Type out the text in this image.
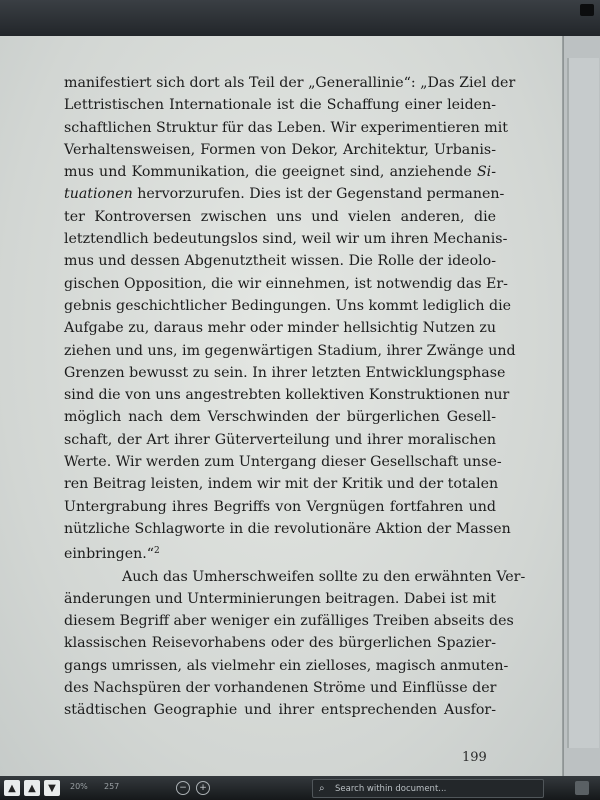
manifestiert sich dort als Teil der „Generallinie“: „Das Ziel der
Lettristischen Internationale ist die Schaffung einer leiden-
schaftlichen Struktur für das Leben. Wir experimentieren mit
Verhaltensweisen, Formen von Dekor, Architektur, Urbanis-
mus und Kommunikation, die geeignet sind, anziehende Si-
tuationen hervorzurufen. Dies ist der Gegenstand permanen-
ter Kontroversen zwischen uns und vielen anderen, die
letztendlich bedeutungslos sind, weil wir um ihren Mechanis-
mus und dessen Abgenutztheit wissen. Die Rolle der ideolo-
gischen Opposition, die wir einnehmen, ist notwendig das Er-
gebnis geschichtlicher Bedingungen. Uns kommt lediglich die
Aufgabe zu, daraus mehr oder minder hellsichtig Nutzen zu
ziehen und uns, im gegenwärtigen Stadium, ihrer Zwänge und
Grenzen bewusst zu sein. In ihrer letzten Entwicklungsphase
sind die von uns angestrebten kollektiven Konstruktionen nur
möglich nach dem Verschwinden der bürgerlichen Gesell-
schaft, der Art ihrer Güterverteilung und ihrer moralischen
Werte. Wir werden zum Untergang dieser Gesellschaft unse-
ren Beitrag leisten, indem wir mit der Kritik und der totalen
Untergrabung ihres Begriffs von Vergnügen fortfahren und
nützliche Schlagworte in die revolutionäre Aktion der Massen
einbringen.“$^2$
Auch das Umherschweifen sollte zu den erwähnten Ver-
änderungen und Unterminierungen beitragen. Dabei ist mit
diesem Begriff aber weniger ein zufälliges Treiben abseits des
klassischen Reisevorhabens oder des bürgerlichen Spazier-
gangs umrissen, als vielmehr ein zielloses, magisch anmuten-
des Nachspüren der vorhandenen Ströme und Einflüsse der
städtischen Geographie und ihrer entsprechenden Ausfor-
199
▲ ▲ ▼ 20% 257	−	+	⌕
Search within document...
